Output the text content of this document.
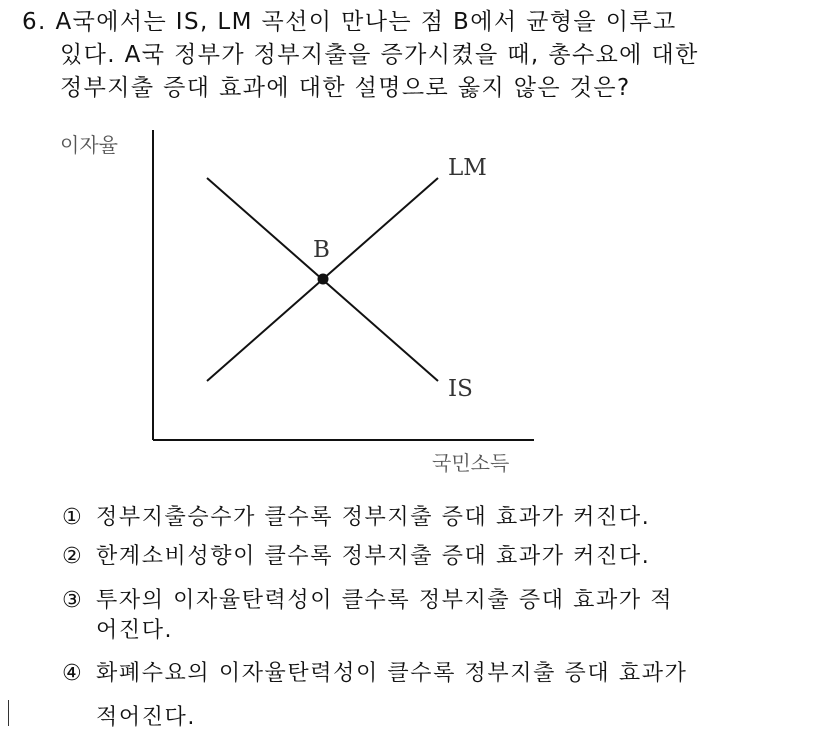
6. A국에서는 IS, LM 곡선이 만나는 점 B에서 균형을 이루고
있다. A국 정부가 정부지출을 증가시켰을 때, 총수요에 대한
정부지출 증대 효과에 대한 설명으로 옳지 않은 것은?
이자율
국민소득
LM
IS
B
① 정부지출승수가 클수록 정부지출 증대 효과가 커진다.
② 한계소비성향이 클수록 정부지출 증대 효과가 커진다.
③ 투자의 이자율탄력성이 클수록 정부지출 증대 효과가 적
어진다.
④ 화폐수요의 이자율탄력성이 클수록 정부지출 증대 효과가
적어진다.
